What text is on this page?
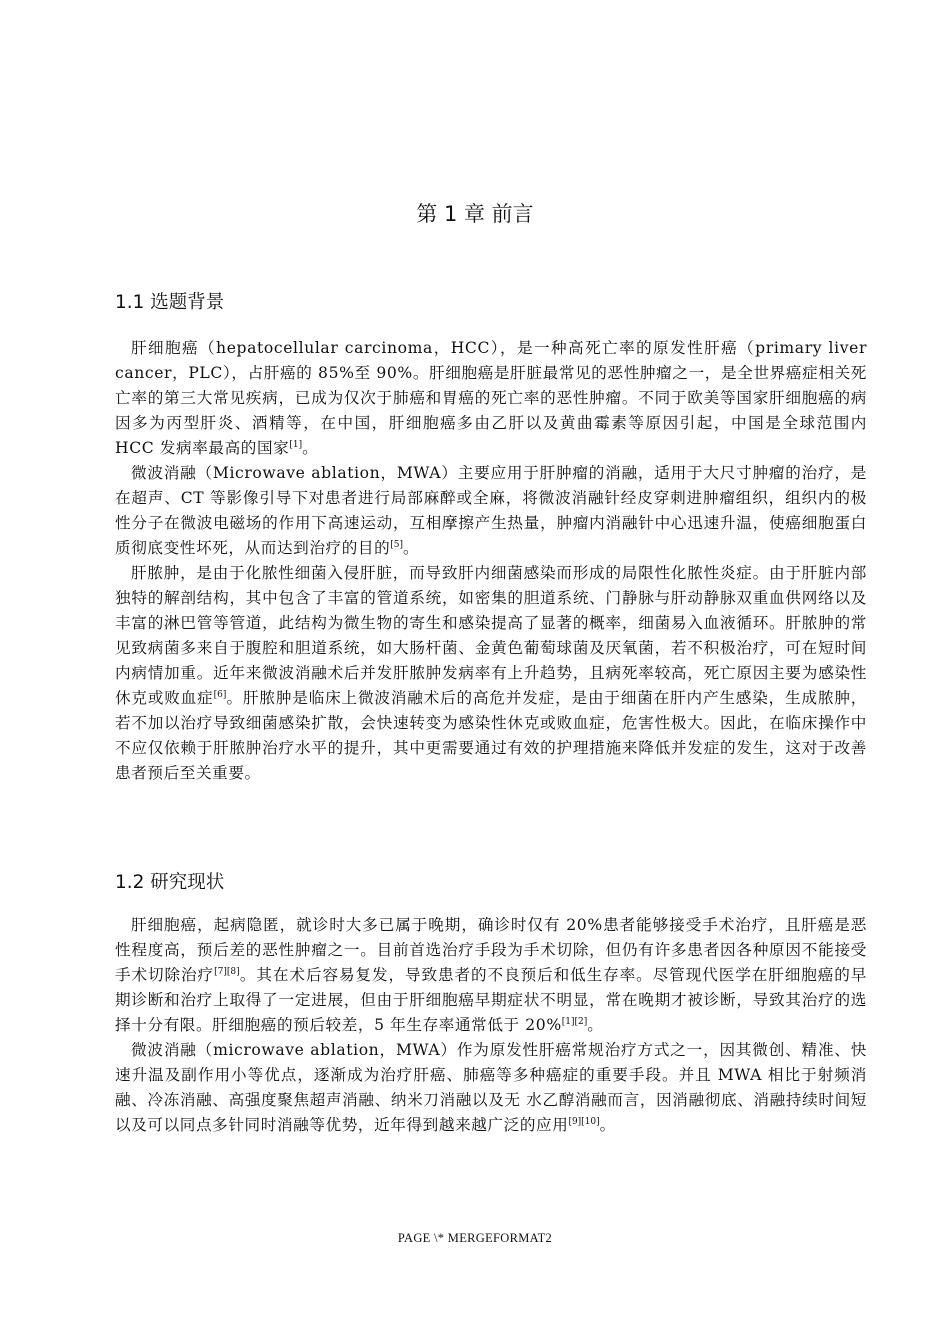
第 1 章 前言
1.1 选题背景

肝细胞癌（hepatocellular carcinoma，HCC），是一种高死亡率的原发性肝癌（primary liver cancer，PLC），占肝癌的 85%至 90%。肝细胞癌是肝脏最常见的恶性肿瘤之一，是全世界癌症相关死亡率的第三大常见疾病，已成为仅次于肺癌和胃癌的死亡率的恶性肿瘤。不同于欧美等国家肝细胞癌的病因多为丙型肝炎、酒精等，在中国，肝细胞癌多由乙肝以及黄曲霉素等原因引起，中国是全球范围内 HCC 发病率最高的国家[1]。

微波消融（Microwave ablation，MWA）主要应用于肝肿瘤的消融，适用于大尺寸肿瘤的治疗，是在超声、CT 等影像引导下对患者进行局部麻醉或全麻，将微波消融针经皮穿刺进肿瘤组织，组织内的极性分子在微波电磁场的作用下高速运动，互相摩擦产生热量，肿瘤内消融针中心迅速升温，使癌细胞蛋白质彻底变性坏死，从而达到治疗的目的[5]。

肝脓肿，是由于化脓性细菌入侵肝脏，而导致肝内细菌感染而形成的局限性化脓性炎症。由于肝脏内部独特的解剖结构，其中包含了丰富的管道系统，如密集的胆道系统、门静脉与肝动静脉双重血供网络以及丰富的淋巴管等管道，此结构为微生物的寄生和感染提高了显著的概率，细菌易入血液循环。肝脓肿的常见致病菌多来自于腹腔和胆道系统，如大肠杆菌、金黄色葡萄球菌及厌氧菌，若不积极治疗，可在短时间内病情加重。近年来微波消融术后并发肝脓肿发病率有上升趋势，且病死率较高，死亡原因主要为感染性休克或败血症[6]。肝脓肿是临床上微波消融术后的高危并发症，是由于细菌在肝内产生感染，生成脓肿，若不加以治疗导致细菌感染扩散，会快速转变为感染性休克或败血症，危害性极大。因此，在临床操作中不应仅依赖于肝脓肿治疗水平的提升，其中更需要通过有效的护理措施来降低并发症的发生，这对于改善患者预后至关重要。

1.2 研究现状

肝细胞癌，起病隐匿，就诊时大多已属于晚期，确诊时仅有 20%患者能够接受手术治疗，且肝癌是恶性程度高，预后差的恶性肿瘤之一。目前首选治疗手段为手术切除，但仍有许多患者因各种原因不能接受手术切除治疗[7][8]。其在术后容易复发，导致患者的不良预后和低生存率。尽管现代医学在肝细胞癌的早期诊断和治疗上取得了一定进展，但由于肝细胞癌早期症状不明显，常在晚期才被诊断，导致其治疗的选择十分有限。肝细胞癌的预后较差，5 年生存率通常低于 20%[1][2]。

微波消融（microwave ablation，MWA）作为原发性肝癌常规治疗方式之一，因其微创、精准、快速升温及副作用小等优点，逐渐成为治疗肝癌、肺癌等多种癌症的重要手段。并且 MWA 相比于射频消融、冷冻消融、高强度聚焦超声消融、纳米刀消融以及无 水乙醇消融而言，因消融彻底、消融持续时间短以及可以同点多针同时消融等优势，近年得到越来越广泛的应用[9][10]。

PAGE \* MERGEFORMAT2
